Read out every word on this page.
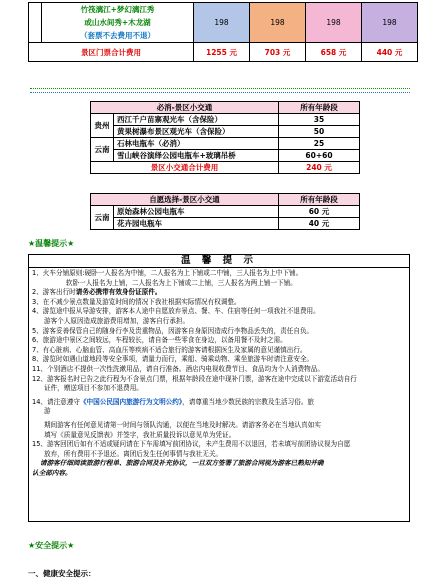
	竹筏漓江+梦幻漓江秀	198	198	198	198
	或山水间秀+木龙湖				
	（套票不去费用不退）				
景区门票合计费用		1255 元	703 元	658 元	440 元
必消-景区小交通		所有年龄段
贵州	西江千户苗寨观光车（含保险）	35
	黄果树瀑布景区观光车（含保险）	50
云南	石林电瓶车（必消）	25
	雪山峡谷演绎公园电瓶车+玻璃吊桥	60+60
景区小交通合计费用		240 元
自愿选择-景区小交通		所有年龄段
云南	原始森林公园电瓶车	60 元
	花卉园电瓶车	40 元
★温馨提示★
温 馨 提 示
1、火车分铺原则:硬卧一人报名为中铺，二人报名为上下铺或二中铺，三人报名为上中下铺。
软卧一人报名为上铺，二人报名为上下铺或二上铺，三人报名为两上铺一下铺。
2、游客出行时请务必携带有效身份证原件。
3、在不减少景点数量及游览时间的情况下我社根据实际情况有权调整。
4、游览途中报从导游安排，游客本人途中自愿放弃景点、餐、车、住宿等任何一项我社不退费用。
游客个人原因造成旅游费用增加，游客自行承担。
5、游客妥善保管自己的随身行李及贵重物品，因游客自身原因造成行李物品丢失的，责任自负。
6、旅游途中景区之间较远，车程较长，请自备一些零食在身边，以备用餐不及时之需。
7、有心脏病、心脑血管、高血压等疾病不适合旅行的游客请根据医生及家属的意见谨慎出行。
8、游览时如遇山道地段等安全事项，请量力而行，乘船、骑乘动物、乘坐旅游车时请注意安全。
11、个别酒店不提供一次性洗漱用品，请自行准备。酒店内电视收费节目、食品均为个人消费物品。
12、游客报名时已告之此行程为不含景点门票，根据年龄段在途中现补门票，游客在途中完成以下游览活动自行
证件，赠送项目不参加不退费用。
14、请注意遵守《中国公民国内旅游行为文明公约》，请尊重当地少数民族的宗教及生活习俗。旅
游
期间游客有任何意见请第一时间与领队沟通，以便在当地及时解决。请游客务必在当地认真如实
填写《质量意见反馈表》并签字，我社质量投诉以意见单为凭证。
15、游客回团后如有不适或疑问请在下车需填写前团协议，未产生费用不以退回，若未填写前团协议视为自愿
放弃，所有费用不予退还。离团后发生任何事情与我社无关。
请游客仔细阅读旅游行程单、旅游合同及补充协议，一旦双方签署了旅游合同视为游客已熟知并确
认全部内容。
★安全提示★
一、健康安全提示：
